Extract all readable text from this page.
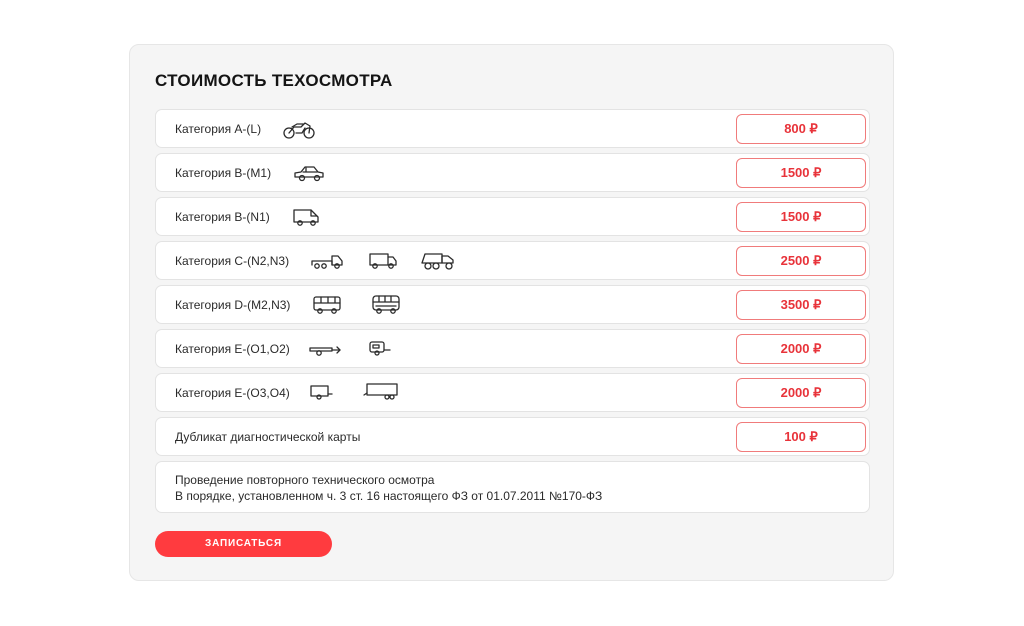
СТОИМОСТЬ ТЕХОСМОТРА
Категория A-(L)	800 ₽
Категория B-(M1)	1500 ₽
Категория B-(N1)	1500 ₽
Категория C-(N2,N3)	2500 ₽
Категория D-(M2,N3)	3500 ₽
Категория E-(O1,O2)	2000 ₽
Категория E-(O3,O4)	2000 ₽
Дубликат диагностической карты	100 ₽
Проведение повторного технического осмотра
В порядке, установленном ч. 3 ст. 16 настоящего ФЗ от 01.07.2011 №170-ФЗ
ЗАПИСАТЬСЯ
